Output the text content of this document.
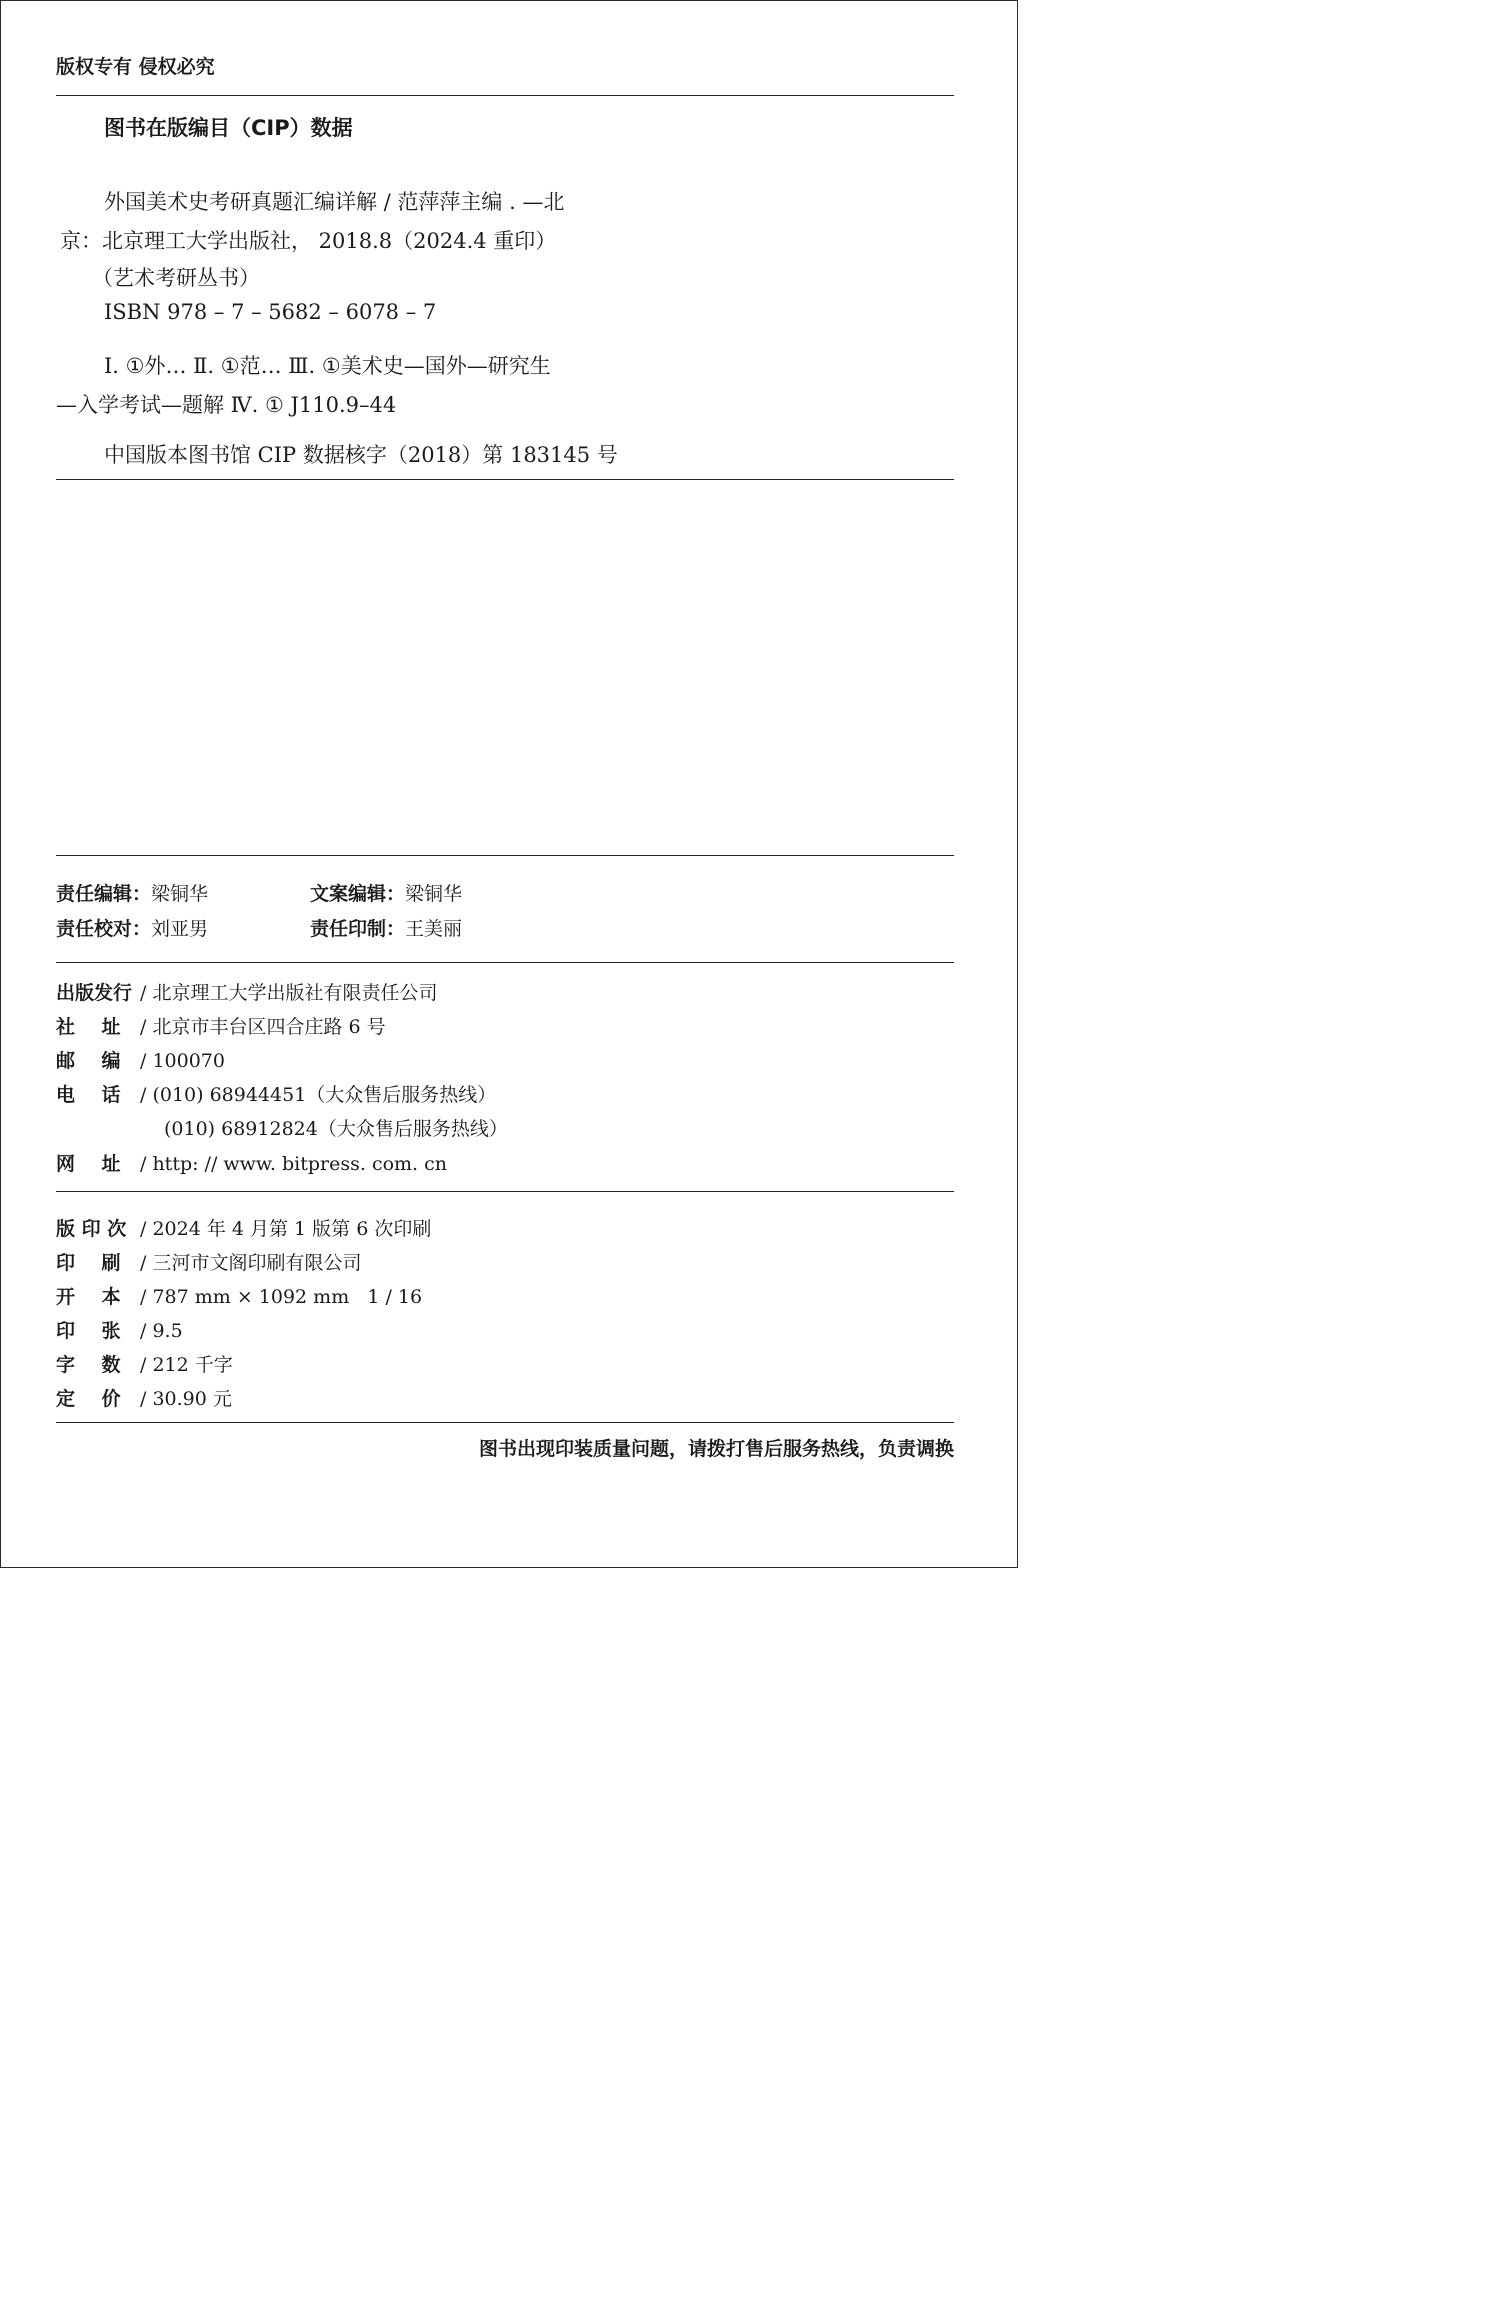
版权专有 侵权必究
图书在版编目（CIP）数据
外国美术史考研真题汇编详解 / 范萍萍主编 . —北
京：北京理工大学出版社， 2018.8（2024.4 重印）
（艺术考研丛书）
ISBN 978 – 7 – 5682 – 6078 – 7
Ⅰ. ①外… Ⅱ. ①范… Ⅲ. ①美术史—国外—研究生
—入学考试—题解 Ⅳ. ① J110.9–44
中国版本图书馆 CIP 数据核字（2018）第 183145 号
责任编辑：梁铜华	文案编辑：梁铜华
责任校对：刘亚男	责任印制：王美丽
出版发行 / 北京理工大学出版社有限责任公司
社    址 / 北京市丰台区四合庄路 6 号
邮    编 / 100070
电    话 / (010) 68944451（大众售后服务热线）
(010) 68912824（大众售后服务热线）
网    址 / http: // www. bitpress. com. cn
版 印 次 / 2024 年 4 月第 1 版第 6 次印刷
印    刷 / 三河市文阁印刷有限公司
开    本 / 787 mm × 1092 mm   1 / 16
印    张 / 9.5
字    数 / 212 千字
定    价 / 30.90 元
图书出现印装质量问题，请拨打售后服务热线，负责调换
